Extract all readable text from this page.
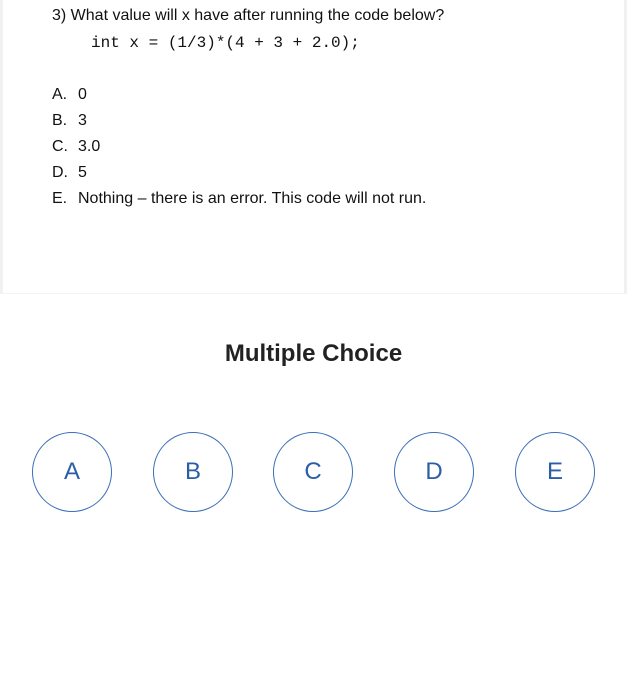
3) What value will x have after running the code below?
int x = (1/3)*(4 + 3 + 2.0);
A. 0
B. 3
C. 3.0
D. 5
E. Nothing – there is an error. This code will not run.
Multiple Choice
A	B	C	D	E
